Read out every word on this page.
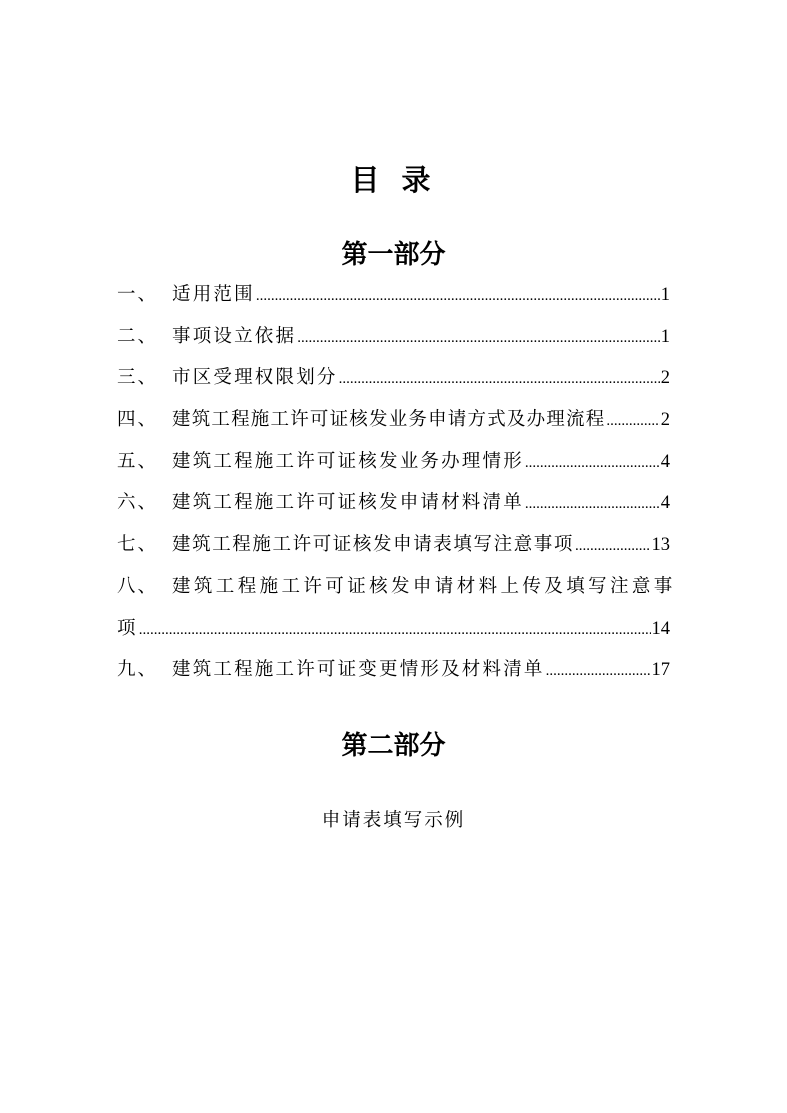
目 录
第一部分
一、 适用范围 .....	1
二、 事项设立依据 .....	1
三、 市区受理权限划分 .....	2
四、 建筑工程施工许可证核发业务申请方式及办理流程 .....	2
五、 建筑工程施工许可证核发业务办理情形 .....	4
六、 建筑工程施工许可证核发申请材料清单 .....	4
七、 建筑工程施工许可证核发申请表填写注意事项 .....	13
八、 建筑工程施工许可证核发申请材料上传及填写注意事
项 .....	14
九、 建筑工程施工许可证变更情形及材料清单 .....	17
第二部分
申请表填写示例
